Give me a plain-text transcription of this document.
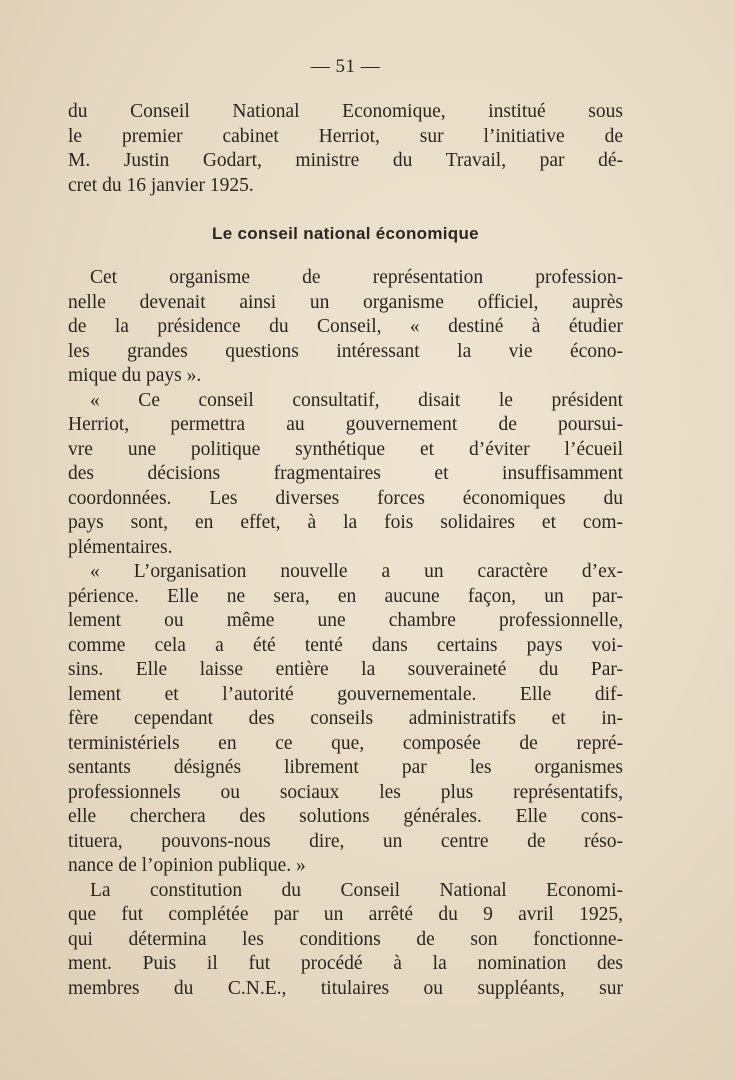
— 51 —
du Conseil National Economique, institué sous
le premier cabinet Herriot, sur l’initiative de
M. Justin Godart, ministre du Travail, par dé-
cret du 16 janvier 1925.
Le conseil national économique
Cet organisme de représentation profession-
nelle devenait ainsi un organisme officiel, auprès
de la présidence du Conseil, « destiné à étudier
les grandes questions intéressant la vie écono-
mique du pays ».
« Ce conseil consultatif, disait le président
Herriot, permettra au gouvernement de poursui-
vre une politique synthétique et d’éviter l’écueil
des décisions fragmentaires et insuffisamment
coordonnées. Les diverses forces économiques du
pays sont, en effet, à la fois solidaires et com-
plémentaires.
« L’organisation nouvelle a un caractère d’ex-
périence. Elle ne sera, en aucune façon, un par-
lement ou même une chambre professionnelle,
comme cela a été tenté dans certains pays voi-
sins. Elle laisse entière la souveraineté du Par-
lement et l’autorité gouvernementale. Elle dif-
fère cependant des conseils administratifs et in-
terministériels en ce que, composée de repré-
sentants désignés librement par les organismes
professionnels ou sociaux les plus représentatifs,
elle cherchera des solutions générales. Elle cons-
tituera, pouvons-nous dire, un centre de réso-
nance de l’opinion publique. »
La constitution du Conseil National Economi-
que fut complétée par un arrêté du 9 avril 1925,
qui détermina les conditions de son fonctionne-
ment. Puis il fut procédé à la nomination des
membres du C.N.E., titulaires ou suppléants, sur
